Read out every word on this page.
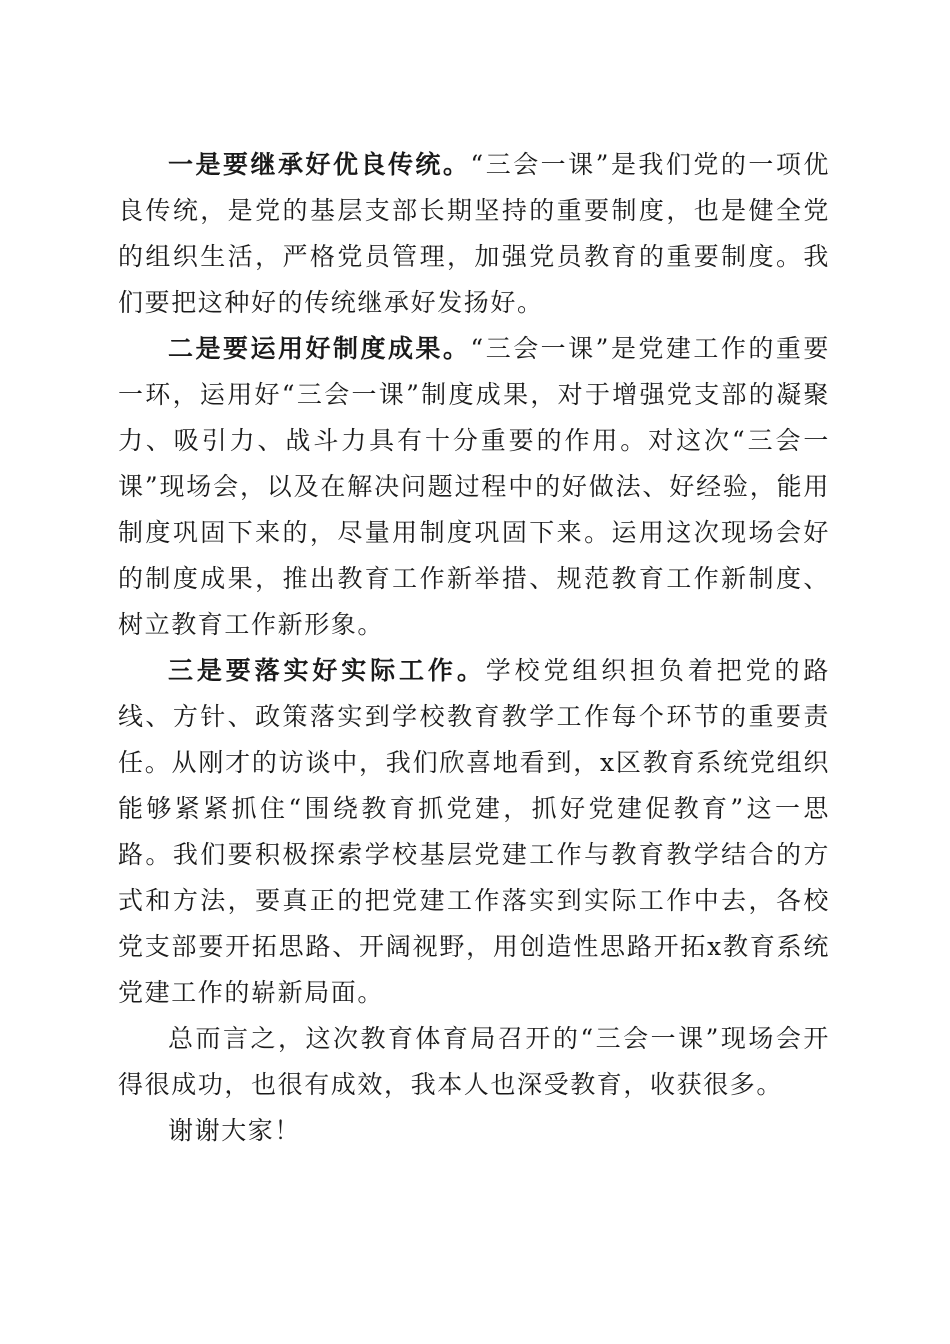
一是要继承好优良传统。“三会一课”是我们党的一项优良传统，是党的基层支部长期坚持的重要制度，也是健全党的组织生活，严格党员管理，加强党员教育的重要制度。我们要把这种好的传统继承好发扬好。

二是要运用好制度成果。“三会一课”是党建工作的重要一环，运用好“三会一课”制度成果，对于增强党支部的凝聚力、吸引力、战斗力具有十分重要的作用。对这次“三会一课”现场会，以及在解决问题过程中的好做法、好经验，能用制度巩固下来的，尽量用制度巩固下来。运用这次现场会好的制度成果，推出教育工作新举措、规范教育工作新制度、树立教育工作新形象。

三是要落实好实际工作。学校党组织担负着把党的路线、方针、政策落实到学校教育教学工作每个环节的重要责任。从刚才的访谈中，我们欣喜地看到，x区教育系统党组织能够紧紧抓住“围绕教育抓党建，抓好党建促教育”这一思路。我们要积极探索学校基层党建工作与教育教学结合的方式和方法，要真正的把党建工作落实到实际工作中去，各校党支部要开拓思路、开阔视野，用创造性思路开拓x教育系统党建工作的崭新局面。

总而言之，这次教育体育局召开的“三会一课”现场会开得很成功，也很有成效，我本人也深受教育，收获很多。

谢谢大家！
